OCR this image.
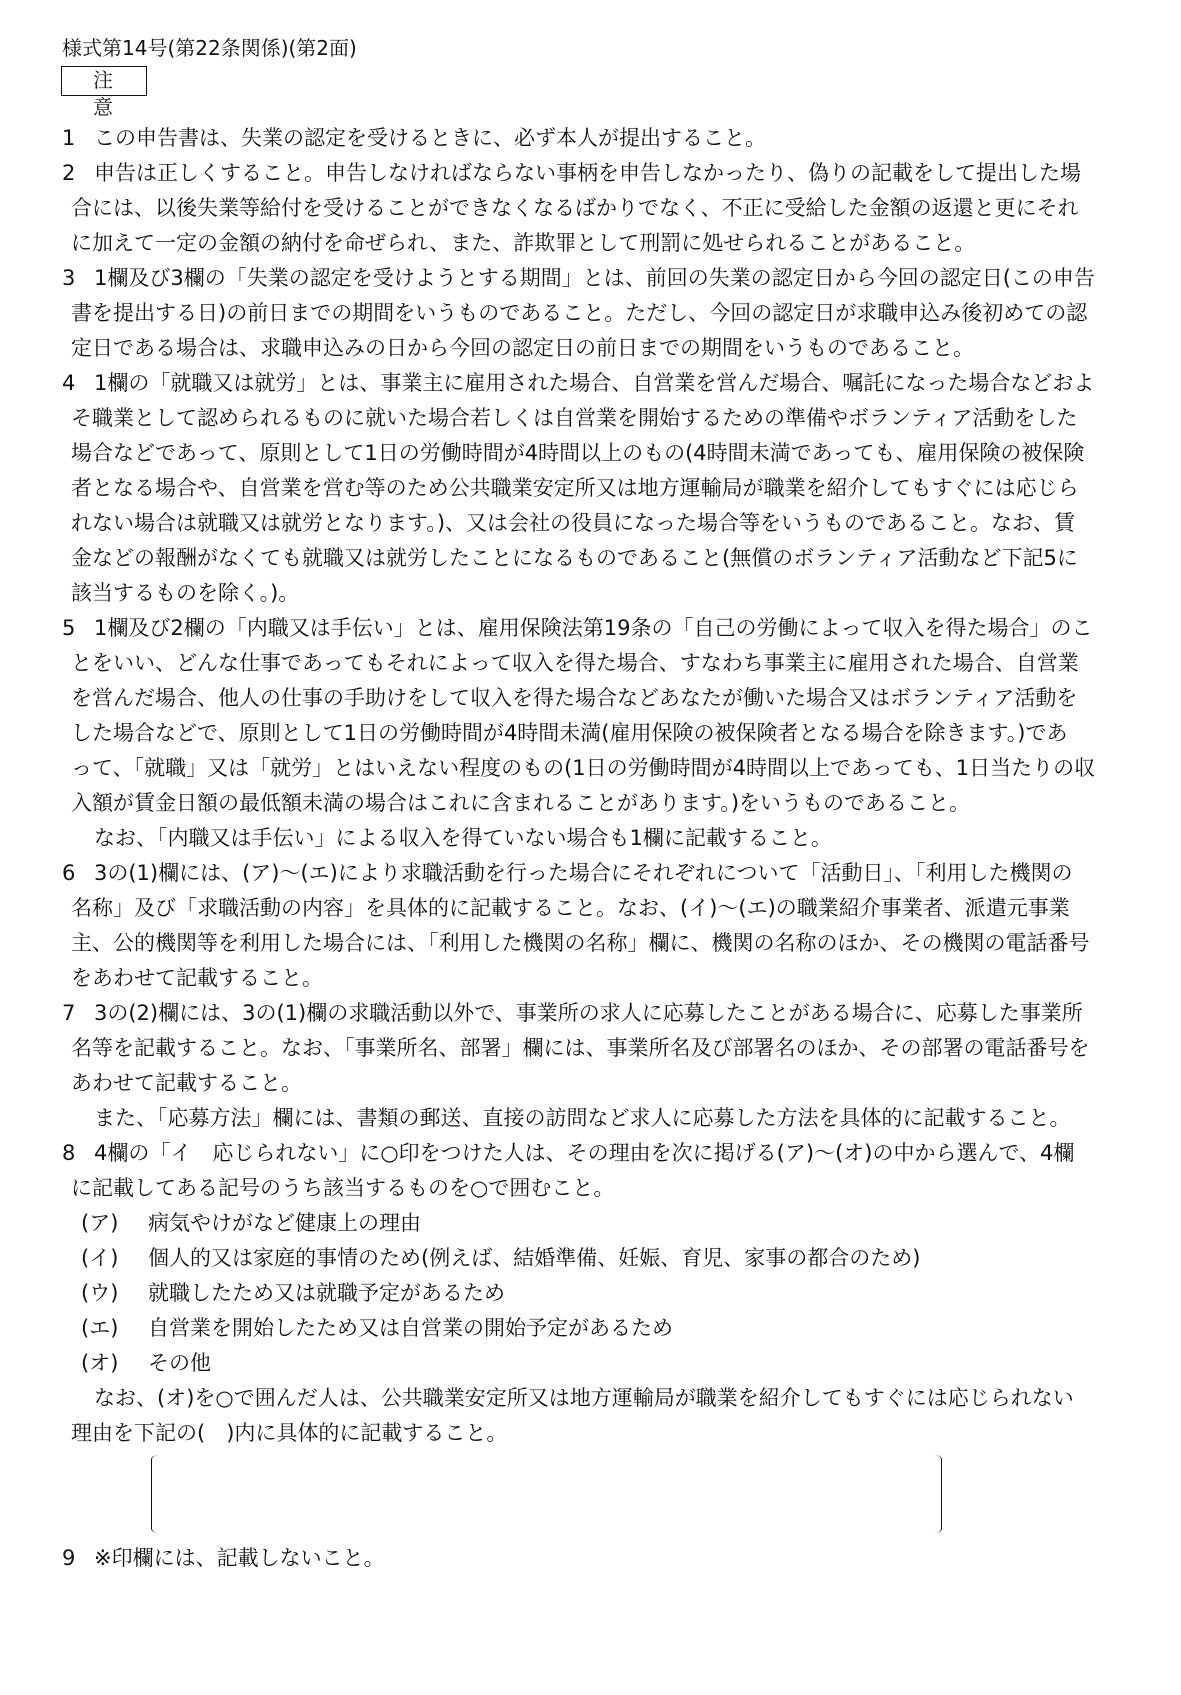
様式第14号(第22条関係)(第2面)
注　意
1 この申告書は、失業の認定を受けるときに、必ず本人が提出すること。
2 申告は正しくすること。申告しなければならない事柄を申告しなかったり、偽りの記載をして提出した場
合には、以後失業等給付を受けることができなくなるばかりでなく、不正に受給した金額の返還と更にそれ
に加えて一定の金額の納付を命ぜられ、また、詐欺罪として刑罰に処せられることがあること。
3 1欄及び3欄の「失業の認定を受けようとする期間」とは、前回の失業の認定日から今回の認定日(この申告
書を提出する日)の前日までの期間をいうものであること。ただし、今回の認定日が求職申込み後初めての認
定日である場合は、求職申込みの日から今回の認定日の前日までの期間をいうものであること。
4 1欄の「就職又は就労」とは、事業主に雇用された場合、自営業を営んだ場合、嘱託になった場合などおよ
そ職業として認められるものに就いた場合若しくは自営業を開始するための準備やボランティア活動をした
場合などであって、原則として1日の労働時間が4時間以上のもの(4時間未満であっても、雇用保険の被保険
者となる場合や、自営業を営む等のため公共職業安定所又は地方運輸局が職業を紹介してもすぐには応じら
れない場合は就職又は就労となります。)、又は会社の役員になった場合等をいうものであること。なお、賃
金などの報酬がなくても就職又は就労したことになるものであること(無償のボランティア活動など下記5に
該当するものを除く。)。
5 1欄及び2欄の「内職又は手伝い」とは、雇用保険法第19条の「自己の労働によって収入を得た場合」のこ
とをいい、どんな仕事であってもそれによって収入を得た場合、すなわち事業主に雇用された場合、自営業
を営んだ場合、他人の仕事の手助けをして収入を得た場合などあなたが働いた場合又はボランティア活動を
した場合などで、原則として1日の労働時間が4時間未満(雇用保険の被保険者となる場合を除きます。)であ
って、「就職」又は「就労」とはいえない程度のもの(1日の労働時間が4時間以上であっても、1日当たりの収
入額が賃金日額の最低額未満の場合はこれに含まれることがあります。)をいうものであること。
なお、「内職又は手伝い」による収入を得ていない場合も1欄に記載すること。
6 3の(1)欄には、(ア)～(エ)により求職活動を行った場合にそれぞれについて「活動日」、「利用した機関の
名称」及び「求職活動の内容」を具体的に記載すること。なお、(イ)～(エ)の職業紹介事業者、派遣元事業
主、公的機関等を利用した場合には、「利用した機関の名称」欄に、機関の名称のほか、その機関の電話番号
をあわせて記載すること。
7 3の(2)欄には、3の(1)欄の求職活動以外で、事業所の求人に応募したことがある場合に、応募した事業所
名等を記載すること。なお、「事業所名、部署」欄には、事業所名及び部署名のほか、その部署の電話番号を
あわせて記載すること。
また、「応募方法」欄には、書類の郵送、直接の訪問など求人に応募した方法を具体的に記載すること。
8 4欄の「イ　応じられない」に○印をつけた人は、その理由を次に掲げる(ア)～(オ)の中から選んで、4欄
に記載してある記号のうち該当するものを○で囲むこと。
(ア)	病気やけがなど健康上の理由
(イ)	個人的又は家庭的事情のため(例えば、結婚準備、妊娠、育児、家事の都合のため)
(ウ)	就職したため又は就職予定があるため
(エ)	自営業を開始したため又は自営業の開始予定があるため
(オ)	その他
なお、(オ)を○で囲んだ人は、公共職業安定所又は地方運輸局が職業を紹介してもすぐには応じられない
理由を下記の(　)内に具体的に記載すること。
9 ※印欄には、記載しないこと。
